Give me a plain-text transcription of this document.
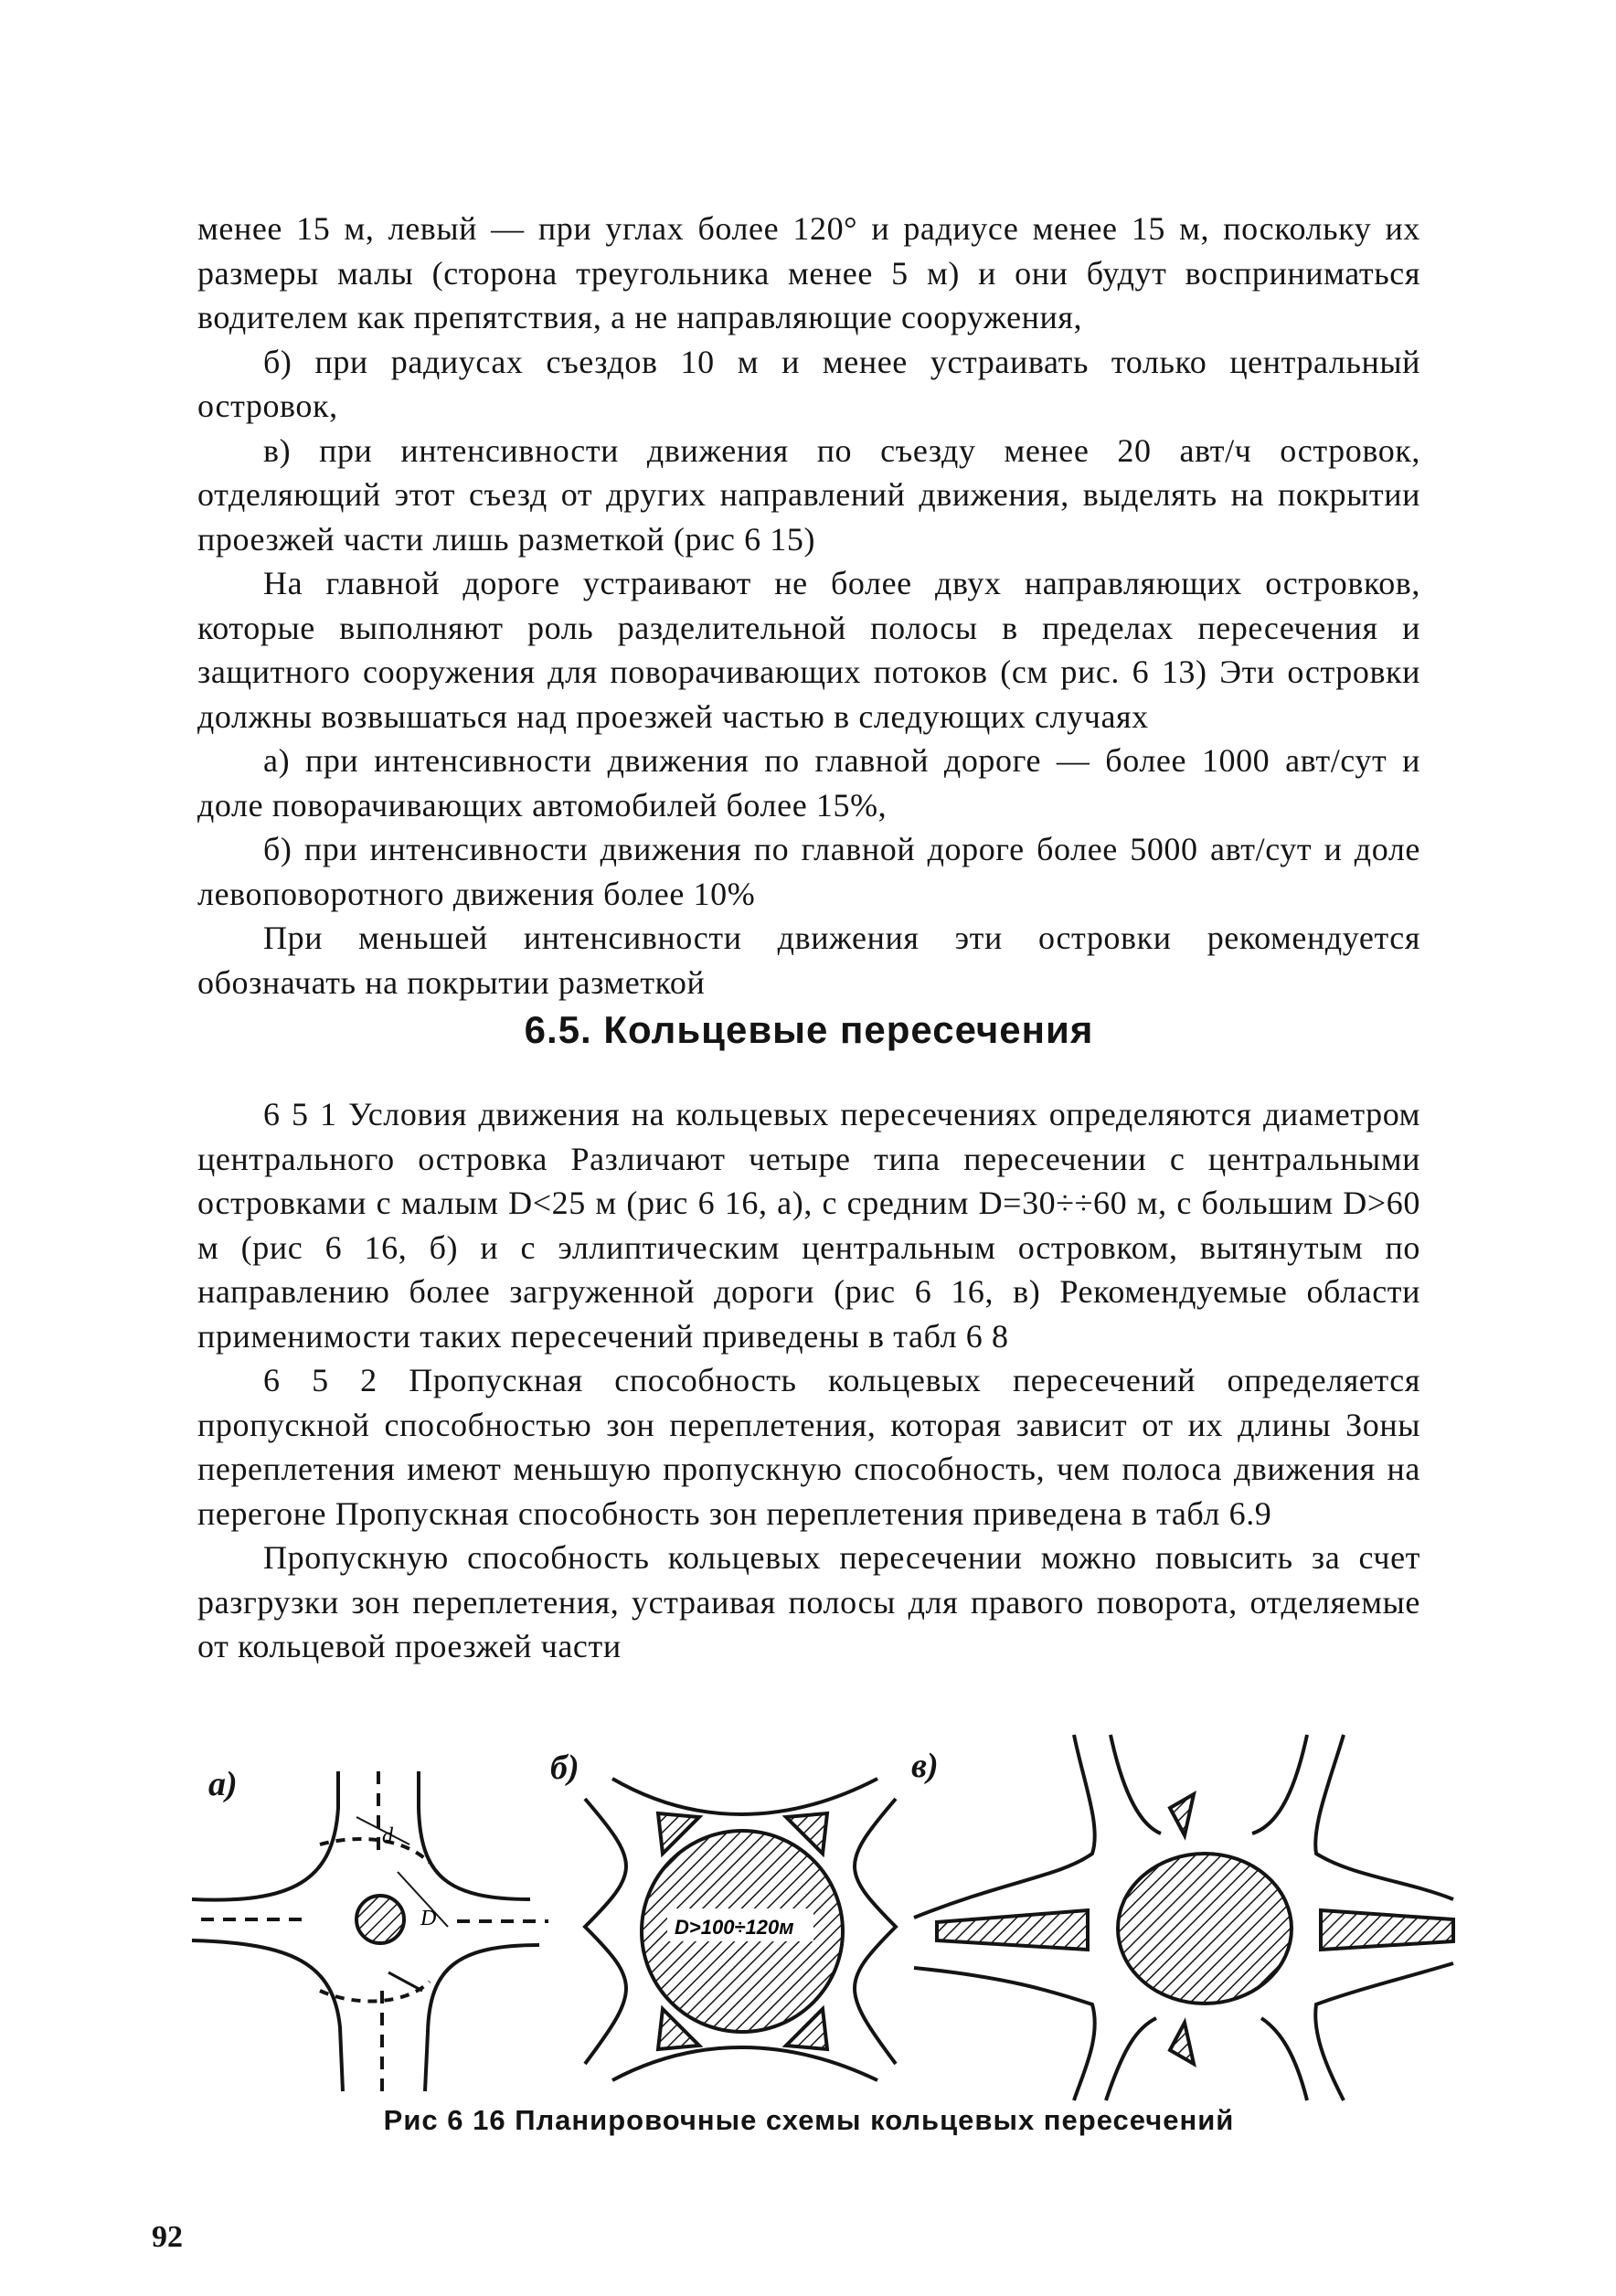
менее 15 м, левый — при углах более 120° и радиусе менее 15 м, поскольку их размеры малы (сторона треугольника менее 5 м) и они будут восприниматься водителем как препятствия, а не направляющие сооружения,

б) при радиусах съездов 10 м и менее устраивать только центральный островок,

в) при интенсивности движения по съезду менее 20 авт/ч островок, отделяющий этот съезд от других направлений движения, выделять на покрытии проезжей части лишь разметкой (рис 6 15)

На главной дороге устраивают не более двух направляющих островков, которые выполняют роль разделительной полосы в пределах пересечения и защитного сооружения для поворачивающих потоков (см рис. 6 13) Эти островки должны возвышаться над проезжей частью в следующих случаях

а) при интенсивности движения по главной дороге — более 1000 авт/сут и доле поворачивающих автомобилей более 15%,

б) при интенсивности движения по главной дороге более 5000 авт/сут и доле левоповоротного движения более 10%

При меньшей интенсивности движения эти островки рекомендуется обозначать на покрытии разметкой

6.5. Кольцевые пересечения

6 5 1 Условия движения на кольцевых пересечениях определяются диаметром центрального островка Различают четыре типа пересечении с центральными островками с малым D<25 м (рис 6 16, а), с средним D=30÷÷60 м, с большим D>60 м (рис 6 16, б) и с эллиптическим центральным островком, вытянутым по направлению более загруженной дороги (рис 6 16, в) Рекомендуемые области применимости таких пересечений приведены в табл 6 8

6 5 2 Пропускная способность кольцевых пересечений определяется пропускной способностью зон переплетения, которая зависит от их длины Зоны переплетения имеют меньшую пропускную способность, чем полоса движения на перегоне Пропускная способность зон переплетения приведена в табл 6.9

Пропускную способность кольцевых пересечении можно повысить за счет разгрузки зон переплетения, устраивая полосы для правого поворота, отделяемые от кольцевой проезжей части

а)	б)	в)
d
D	D>100÷120м
Рис 6 16 Планировочные схемы кольцевых пересечений
92
